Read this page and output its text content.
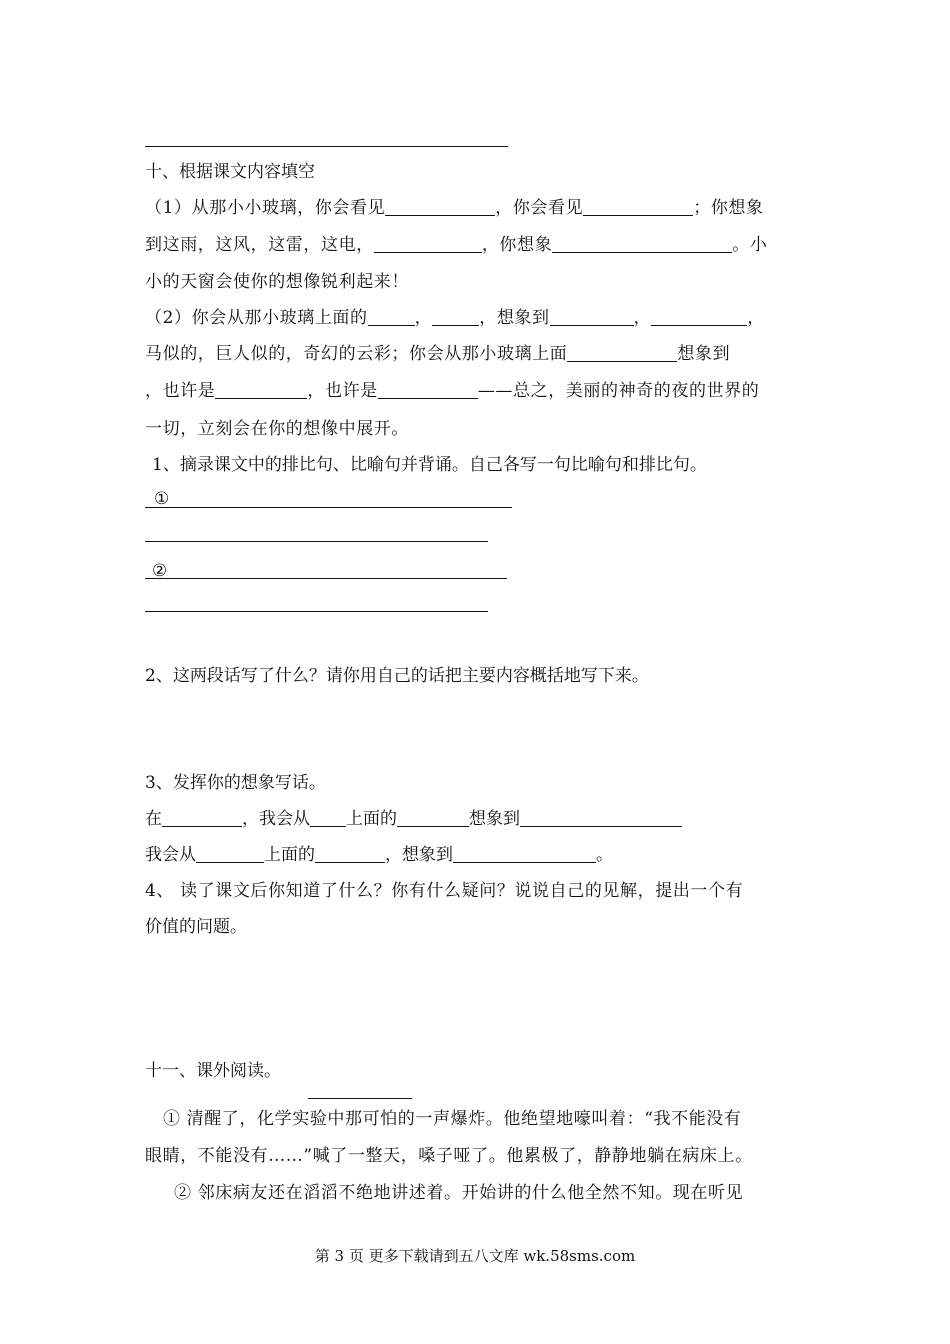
十、根据课文内容填空
（1）从那小小玻璃，你会看见	，你会看见	；你想象
到这雨，这风，这雷，这电，	，你想象	。小
小的天窗会使你的想像锐利起来！
（2）你会从那小玻璃上面的	，	，想象到	，	，
马似的，巨人似的，奇幻的云彩；你会从那小玻璃上面	想象到
，也许是	，也许是	——总之，美丽的神奇的夜的世界的
一切，立刻会在你的想像中展开。
1、摘录课文中的排比句、比喻句并背诵。自己各写一句比喻句和排比句。
①
②
2、这两段话写了什么？请你用自己的话把主要内容概括地写下来。
3、发挥你的想象写话。
在	，我会从 上面的	想象到
我会从	上面的	，想象到	。
4、 读了课文后你知道了什么？你有什么疑问？说说自己的见解，提出一个有
价值的问题。
十一、课外阅读。
① 清醒了，化学实验中那可怕的一声爆炸。他绝望地嚎叫着：“我不能没有
眼睛，不能没有……”喊了一整天，嗓子哑了。他累极了，静静地躺在病床上。
② 邻床病友还在滔滔不绝地讲述着。开始讲的什么他全然不知。现在听见
第 3 页 更多下载请到五八文库 wk.58sms.com
